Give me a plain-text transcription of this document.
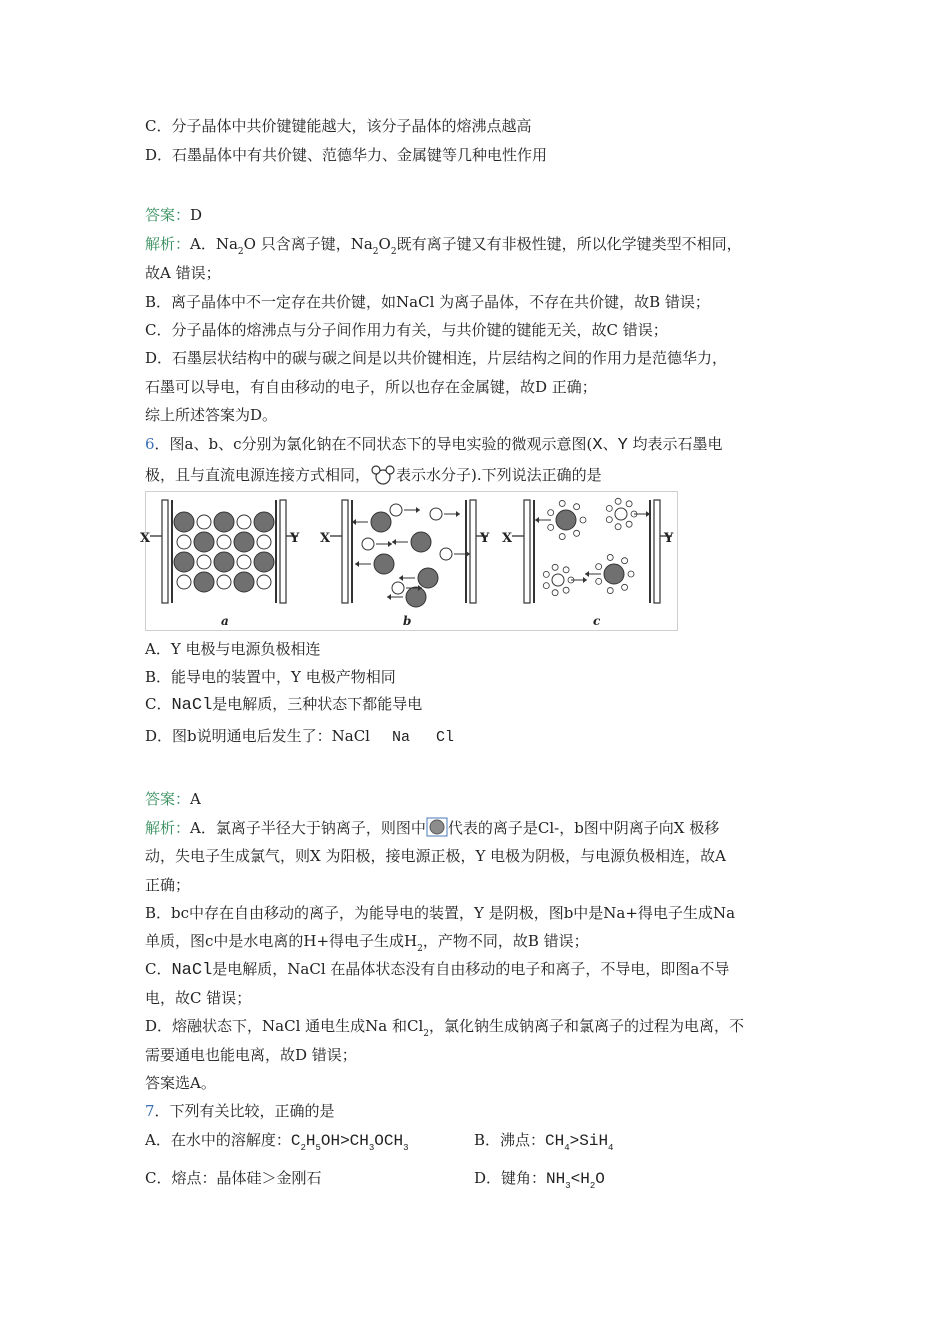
C．分子晶体中共价键键能越大，该分子晶体的熔沸点越高
D．石墨晶体中有共价键、范德华力、金属键等几种电性作用
答案：D
解析：A．$Na_2O$ 只含离子键，$Na_2O_2$既有离子键又有非极性键，所以化学键类型不相同，
故A 错误；
B．离子晶体中不一定存在共价键，如NaCl 为离子晶体，不存在共价键，故B 错误；
C．分子晶体的熔沸点与分子间作用力有关，与共价键的键能无关，故C 错误；
D．石墨层状结构中的碳与碳之间是以共价键相连，片层结构之间的作用力是范德华力，
石墨可以导电，有自由移动的电子，所以也存在金属键，故D 正确；
综上所述答案为D。
6．图a、b、c分别为氯化钠在不同状态下的导电实验的微观示意图(X、Y 均表示石墨电
极，且与直流电源连接方式相同， 表示水分子).下列说法正确的是
X	Y
a
X	Y
b
X	Y
c
A．Y 电极与电源负极相连
B．能导电的装置中，Y 电极产物相同
C．NaCl是电解质，三种状态下都能导电
D．图b说明通电后发生了：NaCl Na Cl
答案：A
解析：A．氯离子半径大于钠离子，则图中 代表的离子是Cl-，b图中阴离子向X 极移
动，失电子生成氯气，则X 为阳极，接电源正极，Y 电极为阴极，与电源负极相连，故A
正确；
B．bc中存在自由移动的离子，为能导电的装置，Y 是阴极，图b中是Na+得电子生成Na
单质，图c中是水电离的H+得电子生成$H_2$，产物不同，故B 错误；
C．NaCl是电解质，NaCl 在晶体状态没有自由移动的电子和离子，不导电，即图a不导
电，故C 错误；
D．熔融状态下，NaCl 通电生成Na 和$Cl_2$，氯化钠生成钠离子和氯离子的过程为电离，不
需要通电也能电离，故D 错误；
答案选A。
7．下列有关比较，正确的是
A．在水中的溶解度：$C_2H_5OH>CH_3OCH_3$	B．沸点：$CH_4>SiH_4$
C．熔点：晶体硅＞金刚石	D．键角：$NH_3<H_2O$
